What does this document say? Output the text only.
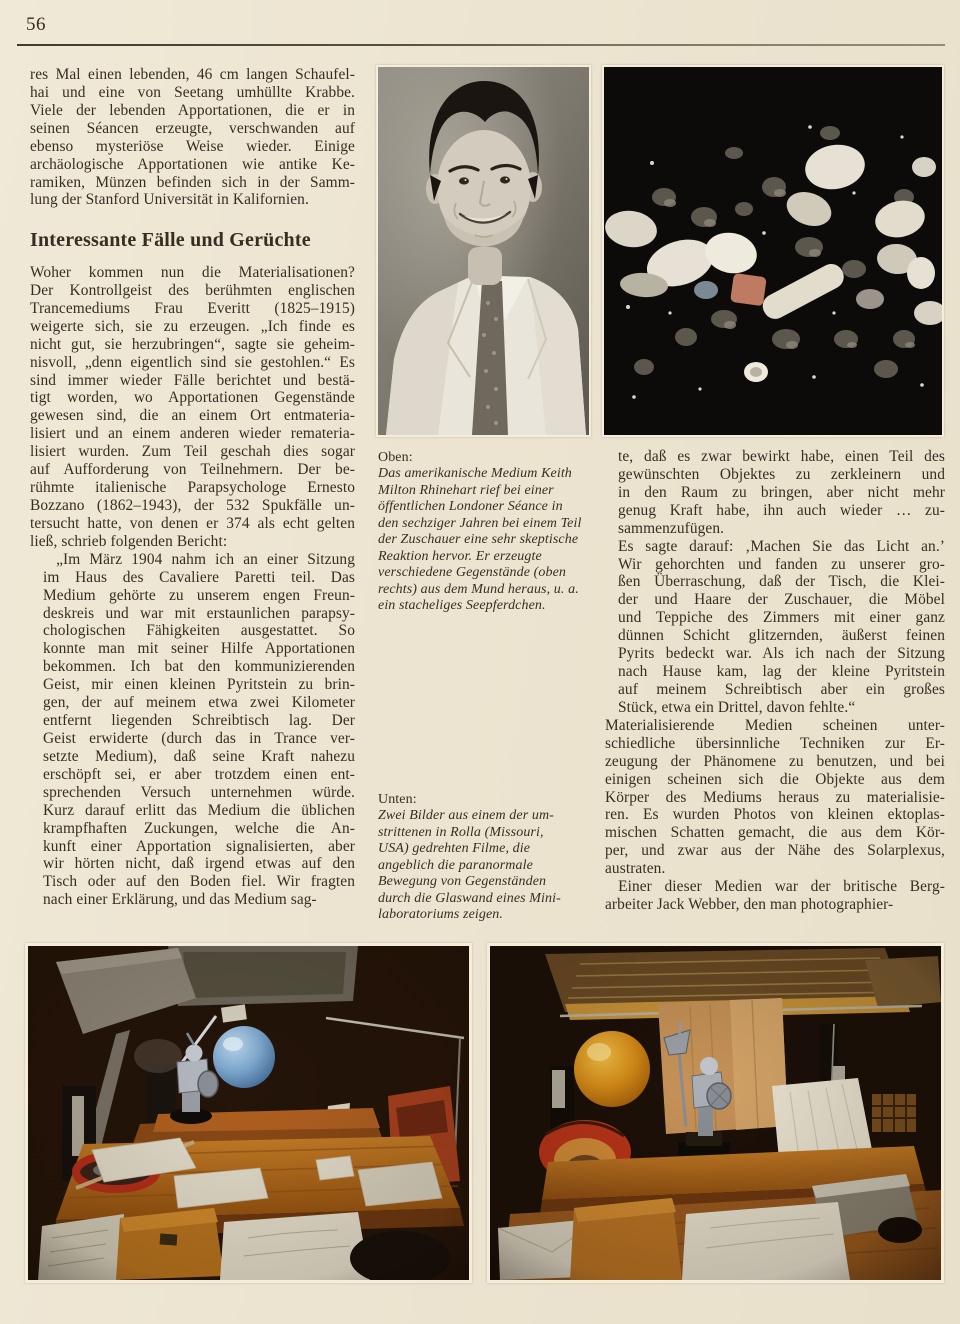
56
res Mal einen lebenden, 46 cm langen Schaufel-
hai und eine von Seetang umhüllte Krabbe.
Viele der lebenden Apportationen, die er in
seinen Séancen erzeugte, verschwanden auf
ebenso mysteriöse Weise wieder. Einige
archäologische Apportationen wie antike Ke-
ramiken, Münzen befinden sich in der Samm-
lung der Stanford Universität in Kalifornien.
Interessante Fälle und Gerüchte
Woher kommen nun die Materialisationen?
Der Kontrollgeist des berühmten englischen
Trancemediums Frau Everitt (1825–1915)
weigerte sich, sie zu erzeugen. „Ich finde es
nicht gut, sie herzubringen“, sagte sie geheim-
nisvoll, „denn eigentlich sind sie gestohlen.“ Es
sind immer wieder Fälle berichtet und bestä-
tigt worden, wo Apportationen Gegenstände
gewesen sind, die an einem Ort entmateria-
lisiert und an einem anderen wieder remateria-
lisiert wurden. Zum Teil geschah dies sogar
auf Aufforderung von Teilnehmern. Der be-
rühmte italienische Parapsychologe Ernesto
Bozzano (1862–1943), der 532 Spukfälle un-
tersucht hatte, von denen er 374 als echt gelten
ließ, schrieb folgenden Bericht:
„Im März 1904 nahm ich an einer Sitzung
im Haus des Cavaliere Paretti teil. Das
Medium gehörte zu unserem engen Freun-
deskreis und war mit erstaunlichen parapsy-
chologischen Fähigkeiten ausgestattet. So
konnte man mit seiner Hilfe Apportationen
bekommen. Ich bat den kommunizierenden
Geist, mir einen kleinen Pyritstein zu brin-
gen, der auf meinem etwa zwei Kilometer
entfernt liegenden Schreibtisch lag. Der
Geist erwiderte (durch das in Trance ver-
setzte Medium), daß seine Kraft nahezu
erschöpft sei, er aber trotzdem einen ent-
sprechenden Versuch unternehmen würde.
Kurz darauf erlitt das Medium die üblichen
krampfhaften Zuckungen, welche die An-
kunft einer Apportation signalisierten, aber
wir hörten nicht, daß irgend etwas auf den
Tisch oder auf den Boden fiel. Wir fragten
nach einer Erklärung, und das Medium sag-
Oben:
Das amerikanische Medium Keith
Milton Rhinehart rief bei einer
öffentlichen Londoner Séance in
den sechziger Jahren bei einem Teil
der Zuschauer eine sehr skeptische
Reaktion hervor. Er erzeugte
verschiedene Gegenstände (oben
rechts) aus dem Mund heraus, u. a.
ein stacheliges Seepferdchen.
Unten:
Zwei Bilder aus einem der um-
strittenen in Rolla (Missouri,
USA) gedrehten Filme, die
angeblich die paranormale
Bewegung von Gegenständen
durch die Glaswand eines Mini-
laboratoriums zeigen.
te, daß es zwar bewirkt habe, einen Teil des
gewünschten Objektes zu zerkleinern und
in den Raum zu bringen, aber nicht mehr
genug Kraft habe, ihn auch wieder … zu-
sammenzufügen.
Es sagte darauf: ‚Machen Sie das Licht an.’
Wir gehorchten und fanden zu unserer gro-
ßen Überraschung, daß der Tisch, die Klei-
der und Haare der Zuschauer, die Möbel
und Teppiche des Zimmers mit einer ganz
dünnen Schicht glitzernden, äußerst feinen
Pyrits bedeckt war. Als ich nach der Sitzung
nach Hause kam, lag der kleine Pyritstein
auf meinem Schreibtisch aber ein großes
Stück, etwa ein Drittel, davon fehlte.“
Materialisierende Medien scheinen unter-
schiedliche übersinnliche Techniken zur Er-
zeugung der Phänomene zu benutzen, und bei
einigen scheinen sich die Objekte aus dem
Körper des Mediums heraus zu materialisie-
ren. Es wurden Photos von kleinen ektoplas-
mischen Schatten gemacht, die aus dem Kör-
per, und zwar aus der Nähe des Solarplexus,
austraten.
Einer dieser Medien war der britische Berg-
arbeiter Jack Webber, den man photographier-
